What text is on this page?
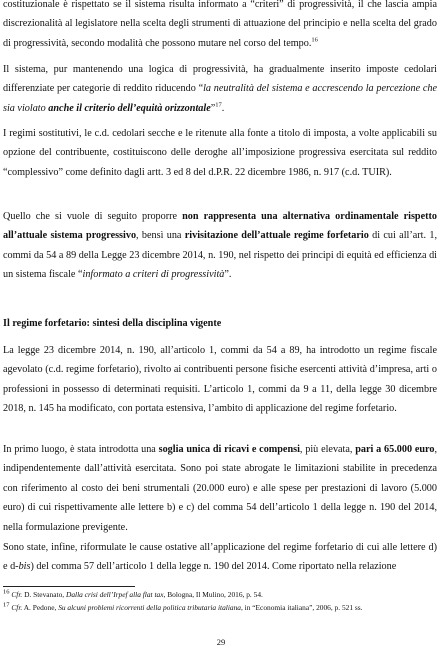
costituzionale è rispettato se il sistema risulta informato a “criteri” di progressività, il che lascia ampia discrezionalità al legislatore nella scelta degli strumenti di attuazione del principio e nella scelta del grado di progressività, secondo modalità che possono mutare nel corso del tempo.$^{16}$

Il sistema, pur mantenendo una logica di progressività, ha gradualmente inserito imposte cedolari differenziate per categorie di reddito riducendo “la neutralità del sistema e accrescendo la percezione che sia violato anche il criterio dell’equità orizzontale”$^{17}$.

I regimi sostitutivi, le c.d. cedolari secche e le ritenute alla fonte a titolo di imposta, a volte applicabili su opzione del contribuente, costituiscono delle deroghe all’imposizione progressiva esercitata sul reddito “complessivo” come definito dagli artt. 3 ed 8 del d.P.R. 22 dicembre 1986, n. 917 (c.d. TUIR).

Quello che si vuole di seguito proporre non rappresenta una alternativa ordinamentale rispetto all’attuale sistema progressivo, bensì una rivisitazione dell’attuale regime forfetario di cui all’art. 1, commi da 54 a 89 della Legge 23 dicembre 2014, n. 190, nel rispetto dei principi di equità ed efficienza di un sistema fiscale “informato a criteri di progressività”.

Il regime forfetario: sintesi della disciplina vigente

La legge 23 dicembre 2014, n. 190, all’articolo 1, commi da 54 a 89, ha introdotto un regime fiscale agevolato (c.d. regime forfetario), rivolto ai contribuenti persone fisiche esercenti attività d’impresa, arti o professioni in possesso di determinati requisiti. L’articolo 1, commi da 9 a 11, della legge 30 dicembre 2018, n. 145 ha modificato, con portata estensiva, l’ambito di applicazione del regime forfetario.

In primo luogo, è stata introdotta una soglia unica di ricavi e compensi, più elevata, pari a 65.000 euro, indipendentemente dall’attività esercitata. Sono poi state abrogate le limitazioni stabilite in precedenza con riferimento al costo dei beni strumentali (20.000 euro) e alle spese per prestazioni di lavoro (5.000 euro) di cui rispettivamente alle lettere b) e c) del comma 54 dell’articolo 1 della legge n. 190 del 2014, nella formulazione previgente.

Sono state, infine, riformulate le cause ostative all’applicazione del regime forfetario di cui alle lettere d) e d-bis) del comma 57 dell’articolo 1 della legge n. 190 del 2014. Come riportato nella relazione

$^{16}$ Cfr. D. Stevanato, Dalla crisi dell’Irpef alla flat tax, Bologna, Il Mulino, 2016, p. 54.

$^{17}$ Cfr. A. Pedone, Su alcuni problemi ricorrenti della politica tributaria italiana, in “Economia italiana”, 2006, p. 521 ss.

29
